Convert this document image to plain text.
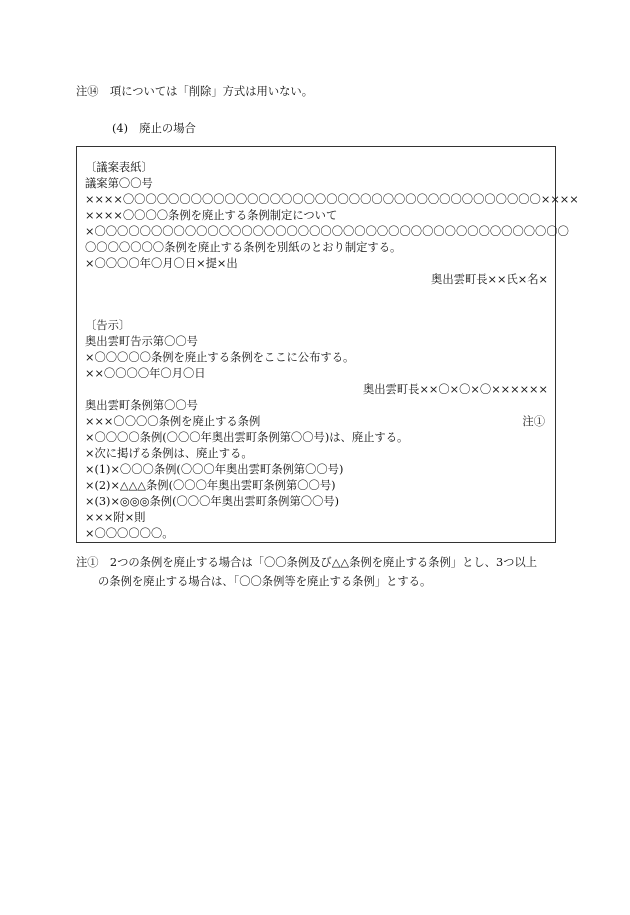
注⑭　項については「削除」方式は用いない。
(4)　廃止の場合
〔議案表紙〕
議案第〇〇号
××××〇〇〇〇〇〇〇〇〇〇〇〇〇〇〇〇〇〇〇〇〇〇〇〇〇〇〇〇〇〇〇〇〇〇〇〇〇××××
××××〇〇〇〇条例を廃止する条例制定について
×〇〇〇〇〇〇〇〇〇〇〇〇〇〇〇〇〇〇〇〇〇〇〇〇〇〇〇〇〇〇〇〇〇〇〇〇〇〇〇〇〇〇
〇〇〇〇〇〇〇条例を廃止する条例を別紙のとおり制定する。
×〇〇〇〇年〇月〇日×提×出
奥出雲町長××氏×名×
〔告示〕
奥出雲町告示第〇〇号
×〇〇〇〇〇条例を廃止する条例をここに公布する。
××〇〇〇〇年〇月〇日
奥出雲町長××〇×〇×〇××××××
奥出雲町条例第〇〇号
×××〇〇〇〇条例を廃止する条例	注①
×〇〇〇〇条例(〇〇〇年奥出雲町条例第〇〇号)は、廃止する。
×次に掲げる条例は、廃止する。
×(1)×〇〇〇条例(〇〇〇年奥出雲町条例第〇〇号)
×(2)×△△△条例(〇〇〇年奥出雲町条例第〇〇号)
×(3)×◎◎◎条例(〇〇〇年奥出雲町条例第〇〇号)
×××附×則
×〇〇〇〇〇〇。
注①　2つの条例を廃止する場合は「〇〇条例及び△△条例を廃止する条例」とし、3つ以上
の条例を廃止する場合は、「〇〇条例等を廃止する条例」とする。
